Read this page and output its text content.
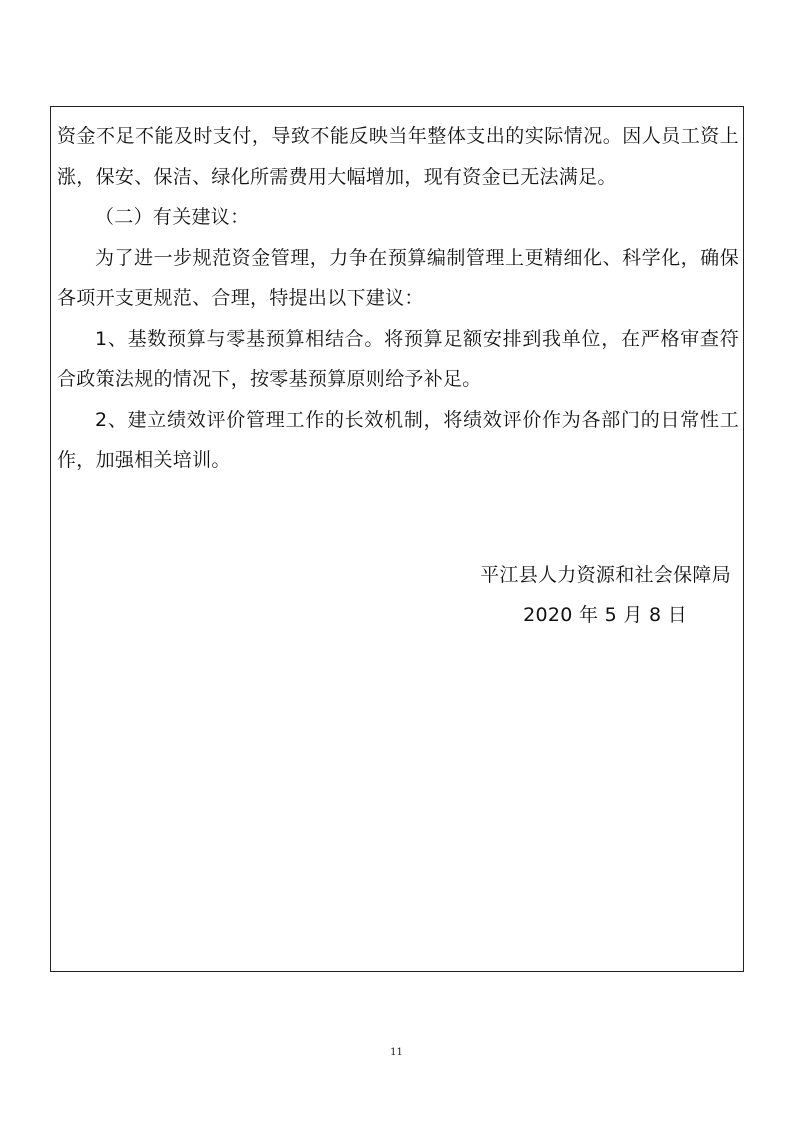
资金不足不能及时支付，导致不能反映当年整体支出的实际情况。因人员工资上涨，保安、保洁、绿化所需费用大幅增加，现有资金已无法满足。

（二）有关建议：

为了进一步规范资金管理，力争在预算编制管理上更精细化、科学化，确保各项开支更规范、合理，特提出以下建议：

1、基数预算与零基预算相结合。将预算足额安排到我单位，在严格审查符合政策法规的情况下，按零基预算原则给予补足。

2、建立绩效评价管理工作的长效机制，将绩效评价作为各部门的日常性工作，加强相关培训。

平江县人力资源和社会保障局
2020 年 5 月 8 日
11
